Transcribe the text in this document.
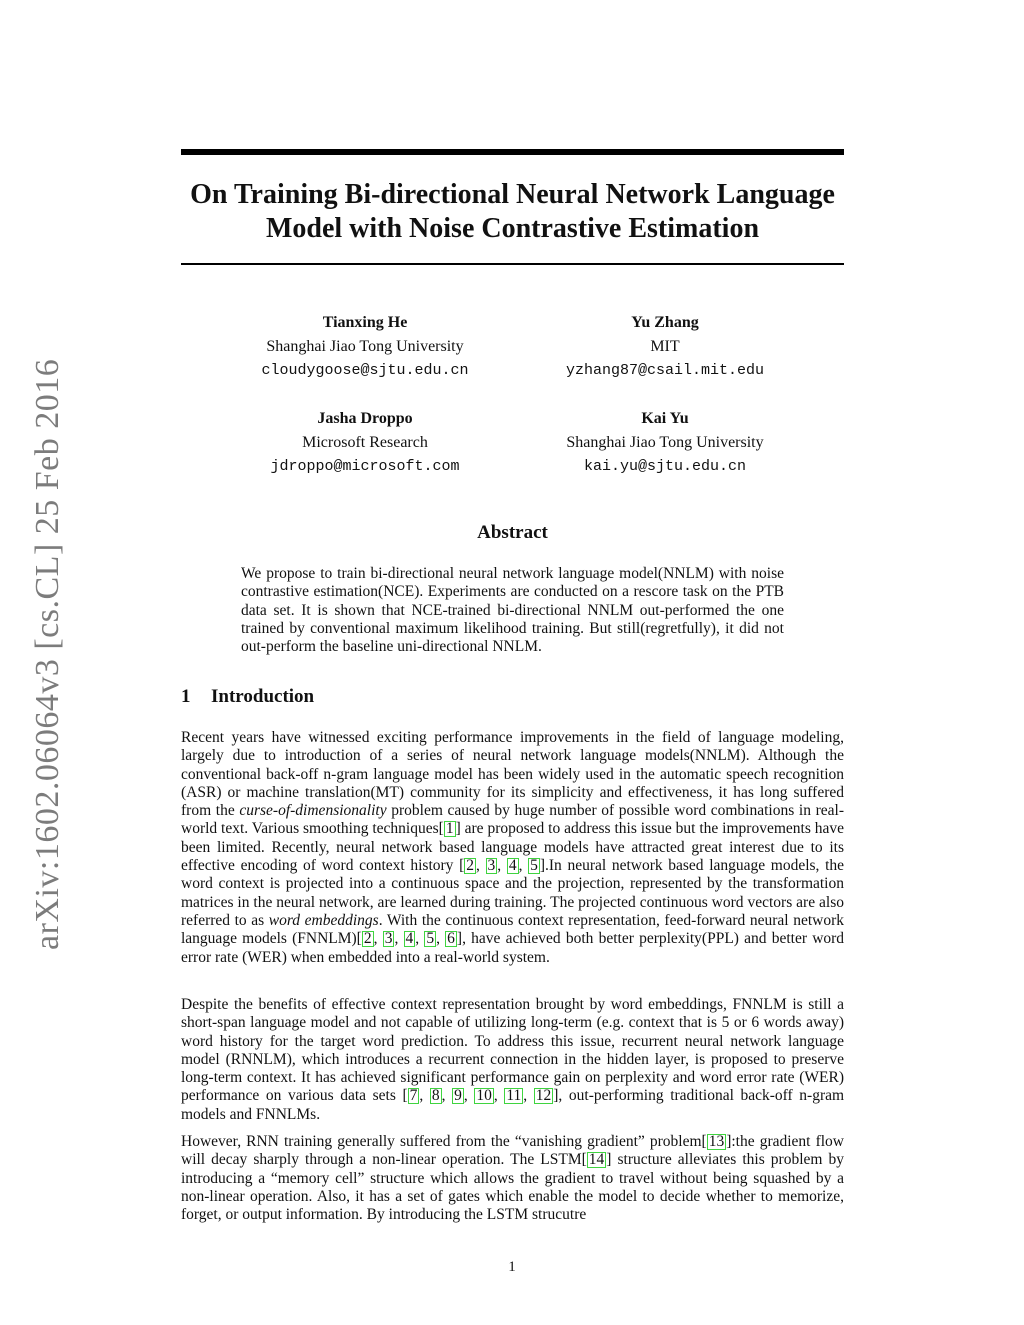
arXiv:1602.06064v3 [cs.CL] 25 Feb 2016
On Training Bi-directional Neural Network Language
Model with Noise Contrastive Estimation
Tianxing He
Shanghai Jiao Tong University
cloudygoose@sjtu.edu.cn
Yu Zhang
MIT
yzhang87@csail.mit.edu
Jasha Droppo
Microsoft Research
jdroppo@microsoft.com
Kai Yu
Shanghai Jiao Tong University
kai.yu@sjtu.edu.cn
Abstract
We propose to train bi-directional neural network language model(NNLM) with noise contrastive estimation(NCE). Experiments are conducted on a rescore task on the PTB data set. It is shown that NCE-trained bi-directional NNLM out-performed the one trained by conventional maximum likelihood training. But still(regretfully), it did not out-perform the baseline uni-directional NNLM.
1 Introduction
Recent years have witnessed exciting performance improvements in the field of language modeling, largely due to introduction of a series of neural network language models(NNLM). Although the conventional back-off n-gram language model has been widely used in the automatic speech recognition (ASR) or machine translation(MT) community for its simplicity and effectiveness, it has long suffered from the curse-of-dimensionality problem caused by huge number of possible word combinations in real-world text. Various smoothing techniques[ 1 ] are proposed to address this issue but the improvements have been limited. Recently, neural network based language models have attracted great interest due to its effective encoding of word context history [ 2 , 3 , 4 , 5 ].In neural network based language models, the word context is projected into a continuous space and the projection, represented by the transformation matrices in the neural network, are learned during training. The projected continuous word vectors are also referred to as word embeddings. With the continuous context representation, feed-forward neural network language models (FNNLM)[ 2 , 3 , 4 , 5 , 6 ], have achieved both better perplexity(PPL) and better word error rate (WER) when embedded into a real-world system.
Despite the benefits of effective context representation brought by word embeddings, FNNLM is still a short-span language model and not capable of utilizing long-term (e.g. context that is 5 or 6 words away) word history for the target word prediction. To address this issue, recurrent neural network language model (RNNLM), which introduces a recurrent connection in the hidden layer, is proposed to preserve long-term context. It has achieved significant performance gain on perplexity and word error rate (WER) performance on various data sets [ 7 , 8 , 9 , 10 , 11 , 12 ], out-performing traditional back-off n-gram models and FNNLMs.
However, RNN training generally suffered from the “vanishing gradient” problem[ 13 ]:the gradient flow will decay sharply through a non-linear operation. The LSTM[ 14 ] structure alleviates this problem by introducing a “memory cell” structure which allows the gradient to travel without being squashed by a non-linear operation. Also, it has a set of gates which enable the model to decide whether to memorize, forget, or output information. By introducing the LSTM strucutre
1
